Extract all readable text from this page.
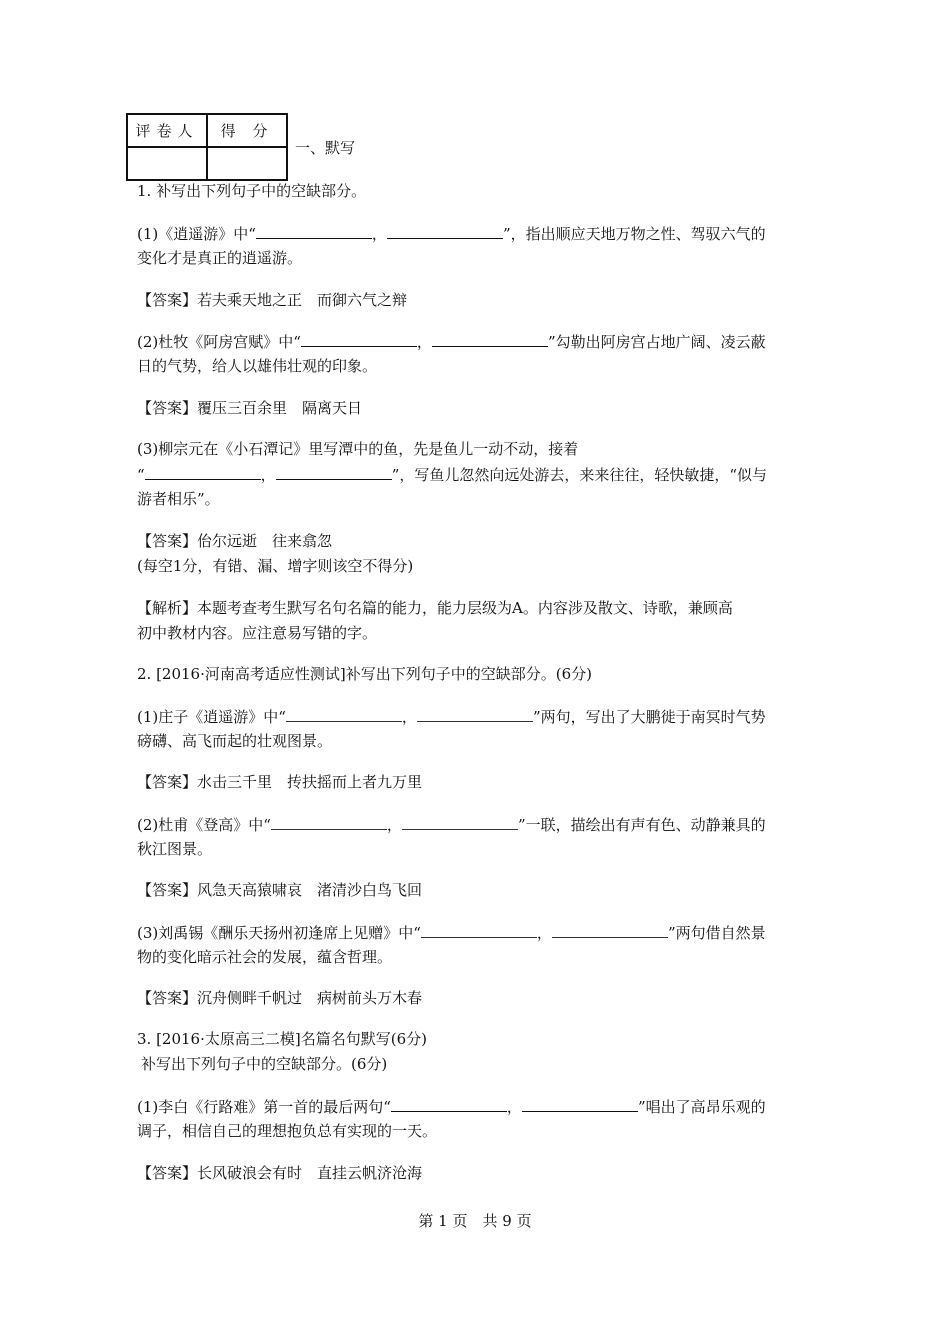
评卷人	得 分

一、默写
1. 补写出下列句子中的空缺部分。
(1)《逍遥游》中“	，	”，指出顺应天地万物之性、驾驭六气的
变化才是真正的逍遥游。
【答案】若夫乘天地之正　而御六气之辩
(2)杜牧《阿房宫赋》中“	，	”勾勒出阿房宫占地广阔、凌云蔽
日的气势，给人以雄伟壮观的印象。
【答案】覆压三百余里　隔离天日
(3)柳宗元在《小石潭记》里写潭中的鱼，先是鱼儿一动不动，接着
“	，	”，写鱼儿忽然向远处游去，来来往往，轻快敏捷，“似与
游者相乐”。
【答案】佁尔远逝　往来翕忽
(每空1分，有错、漏、增字则该空不得分)
【解析】本题考查考生默写名句名篇的能力，能力层级为A。内容涉及散文、诗歌，兼顾高
初中教材内容。应注意易写错的字。
2. [2016·河南高考适应性测试]补写出下列句子中的空缺部分。(6分)
(1)庄子《逍遥游》中“	，	”两句，写出了大鹏徙于南冥时气势
磅礴、高飞而起的壮观图景。
【答案】水击三千里　抟扶摇而上者九万里
(2)杜甫《登高》中“	，	”一联，描绘出有声有色、动静兼具的
秋江图景。
【答案】风急天高猿啸哀　渚清沙白鸟飞回
(3)刘禹锡《酬乐天扬州初逢席上见赠》中“	，	”两句借自然景
物的变化暗示社会的发展，蕴含哲理。
【答案】沉舟侧畔千帆过　病树前头万木春
3. [2016·太原高三二模]名篇名句默写(6分)
补写出下列句子中的空缺部分。(6分)
(1)李白《行路难》第一首的最后两句“	，	”唱出了高昂乐观的
调子，相信自己的理想抱负总有实现的一天。
【答案】长风破浪会有时　直挂云帆济沧海
第 1 页　共 9 页
